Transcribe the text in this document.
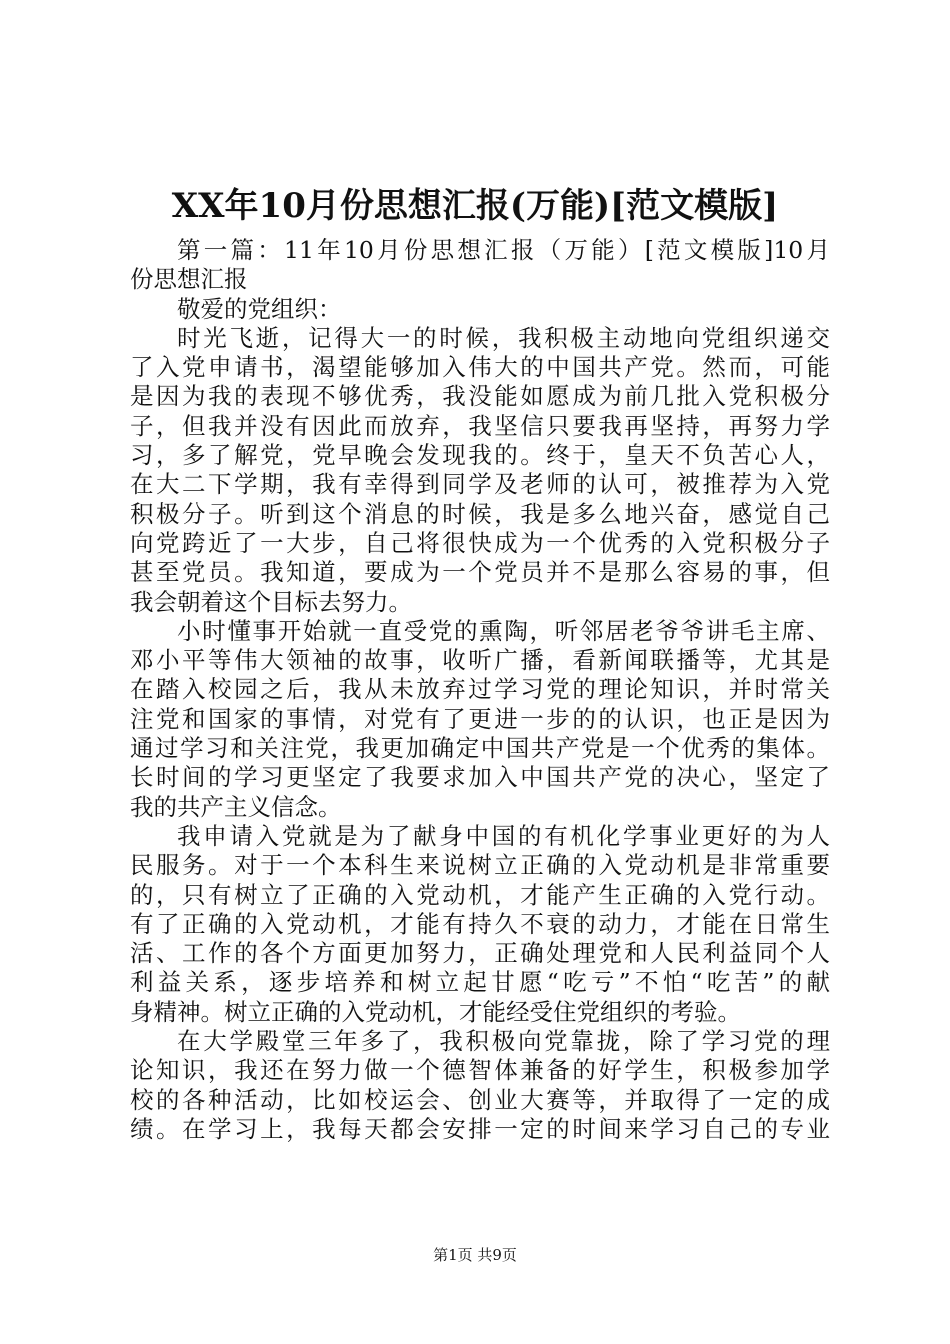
XX年10月份思想汇报(万能)[范文模版]
第一篇：11年10月份思想汇报（万能）[范文模版]10月
份思想汇报
敬爱的党组织：
时光飞逝，记得大一的时候，我积极主动地向党组织递交
了入党申请书，渴望能够加入伟大的中国共产党。然而，可能
是因为我的表现不够优秀，我没能如愿成为前几批入党积极分
子，但我并没有因此而放弃，我坚信只要我再坚持，再努力学
习，多了解党，党早晚会发现我的。终于，皇天不负苦心人，
在大二下学期，我有幸得到同学及老师的认可，被推荐为入党
积极分子。听到这个消息的时候，我是多么地兴奋，感觉自己
向党跨近了一大步，自己将很快成为一个优秀的入党积极分子
甚至党员。我知道，要成为一个党员并不是那么容易的事，但
我会朝着这个目标去努力。
小时懂事开始就一直受党的熏陶，听邻居老爷爷讲毛主席、
邓小平等伟大领袖的故事，收听广播，看新闻联播等，尤其是
在踏入校园之后，我从未放弃过学习党的理论知识，并时常关
注党和国家的事情，对党有了更进一步的的认识，也正是因为
通过学习和关注党，我更加确定中国共产党是一个优秀的集体。
长时间的学习更坚定了我要求加入中国共产党的决心，坚定了
我的共产主义信念。
我申请入党就是为了献身中国的有机化学事业更好的为人
民服务。对于一个本科生来说树立正确的入党动机是非常重要
的，只有树立了正确的入党动机，才能产生正确的入党行动。
有了正确的入党动机，才能有持久不衰的动力，才能在日常生
活、工作的各个方面更加努力，正确处理党和人民利益同个人
利益关系，逐步培养和树立起甘愿“吃亏”不怕“吃苦”的献
身精神。树立正确的入党动机，才能经受住党组织的考验。
在大学殿堂三年多了，我积极向党靠拢，除了学习党的理
论知识，我还在努力做一个德智体兼备的好学生，积极参加学
校的各种活动，比如校运会、创业大赛等，并取得了一定的成
绩。在学习上，我每天都会安排一定的时间来学习自己的专业
第1页 共9页
